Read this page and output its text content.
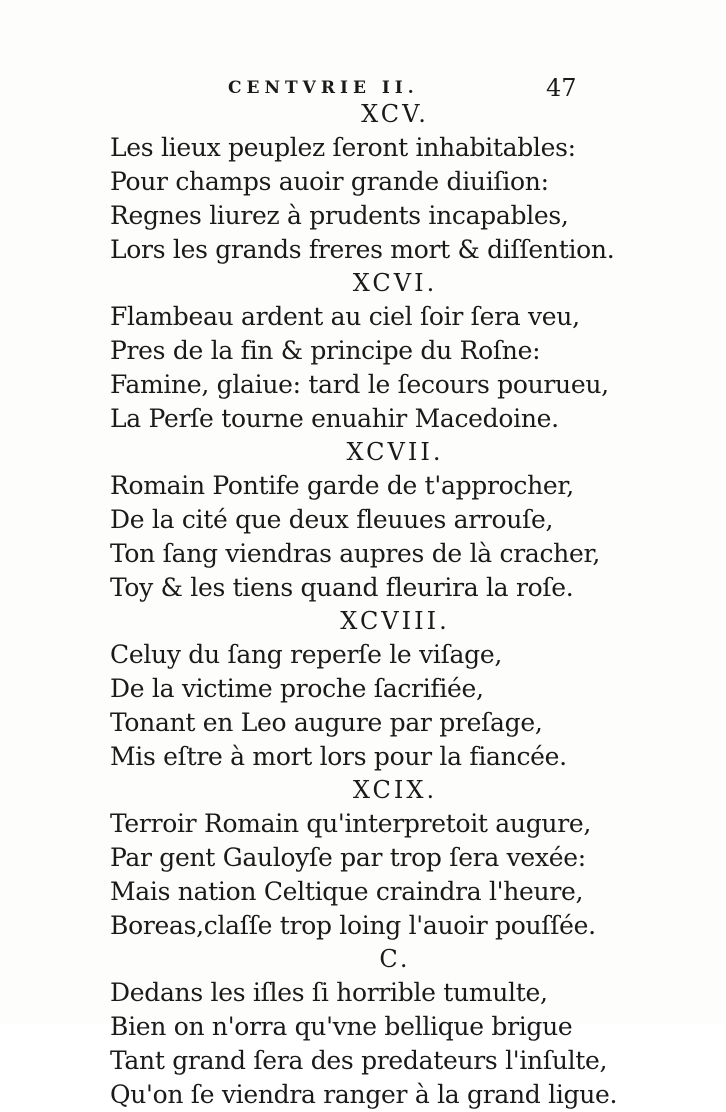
CENTVRIE II.	47
XCV.
Les lieux peuplez ſeront inhabitables:
Pour champs auoir grande diuiſion:
Regnes liurez à prudents incapables,
Lors les grands freres mort & diſſention.
XCVI.
Flambeau ardent au ciel ſoir ſera veu,
Pres de la fin & principe du Roſne:
Famine, glaiue: tard le ſecours pourueu,
La Perſe tourne enuahir Macedoine.
XCVII.
Romain Pontife garde de t'approcher,
De la cité que deux fleuues arrouſe,
Ton ſang viendras aupres de là cracher,
Toy & les tiens quand fleurira la roſe.
XCVIII.
Celuy du ſang reperſe le viſage,
De la victime proche ſacrifiée,
Tonant en Leo augure par preſage,
Mis eſtre à mort lors pour la fiancée.
XCIX.
Terroir Romain qu'interpretoit augure,
Par gent Gauloyſe par trop ſera vexée:
Mais nation Celtique craindra l'heure,
Boreas,claſſe trop loing l'auoir pouſſée.
C.
Dedans les iſles ſi horrible tumulte,
Bien on n'orra qu'vne bellique brigue
Tant grand ſera des predateurs l'inſulte,
Qu'on ſe viendra ranger à la grand ligue.
